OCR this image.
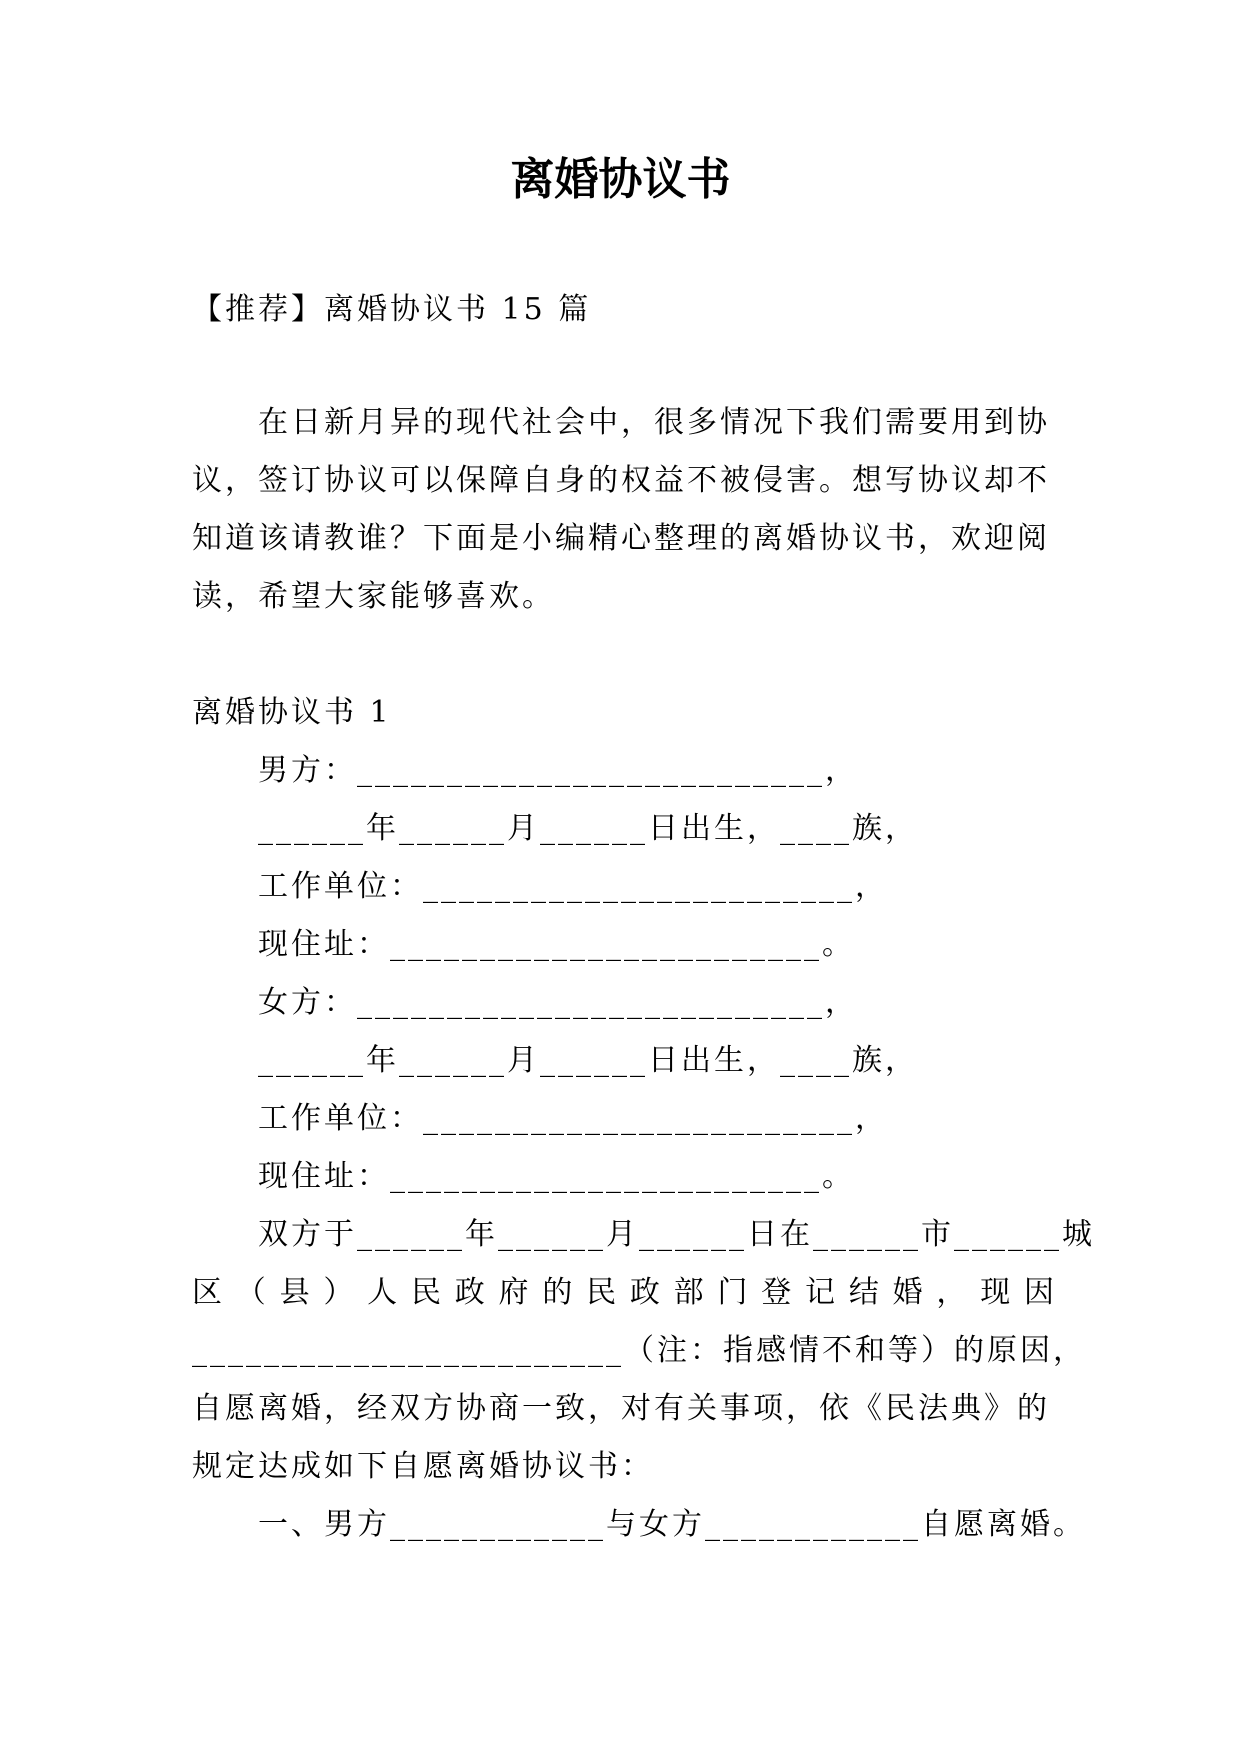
离婚协议书
【推荐】离婚协议书 15 篇
在日新月异的现代社会中，很多情况下我们需要用到协
议，签订协议可以保障自身的权益不被侵害。想写协议却不
知道该请教谁？下面是小编精心整理的离婚协议书，欢迎阅
读，希望大家能够喜欢。
离婚协议书 1
男方：__________________________，
______年______月______日出生，____族，
工作单位：________________________，
现住址：________________________。
女方：__________________________，
______年______月______日出生，____族，
工作单位：________________________，
现住址：________________________。
双方于______年______月______日在______市______城
区（县）人民政府的民政部门登记结婚，现因
________________________（注：指感情不和等）的原因，
自愿离婚，经双方协商一致，对有关事项，依《民法典》的
规定达成如下自愿离婚协议书：
一、男方____________与女方____________自愿离婚。
